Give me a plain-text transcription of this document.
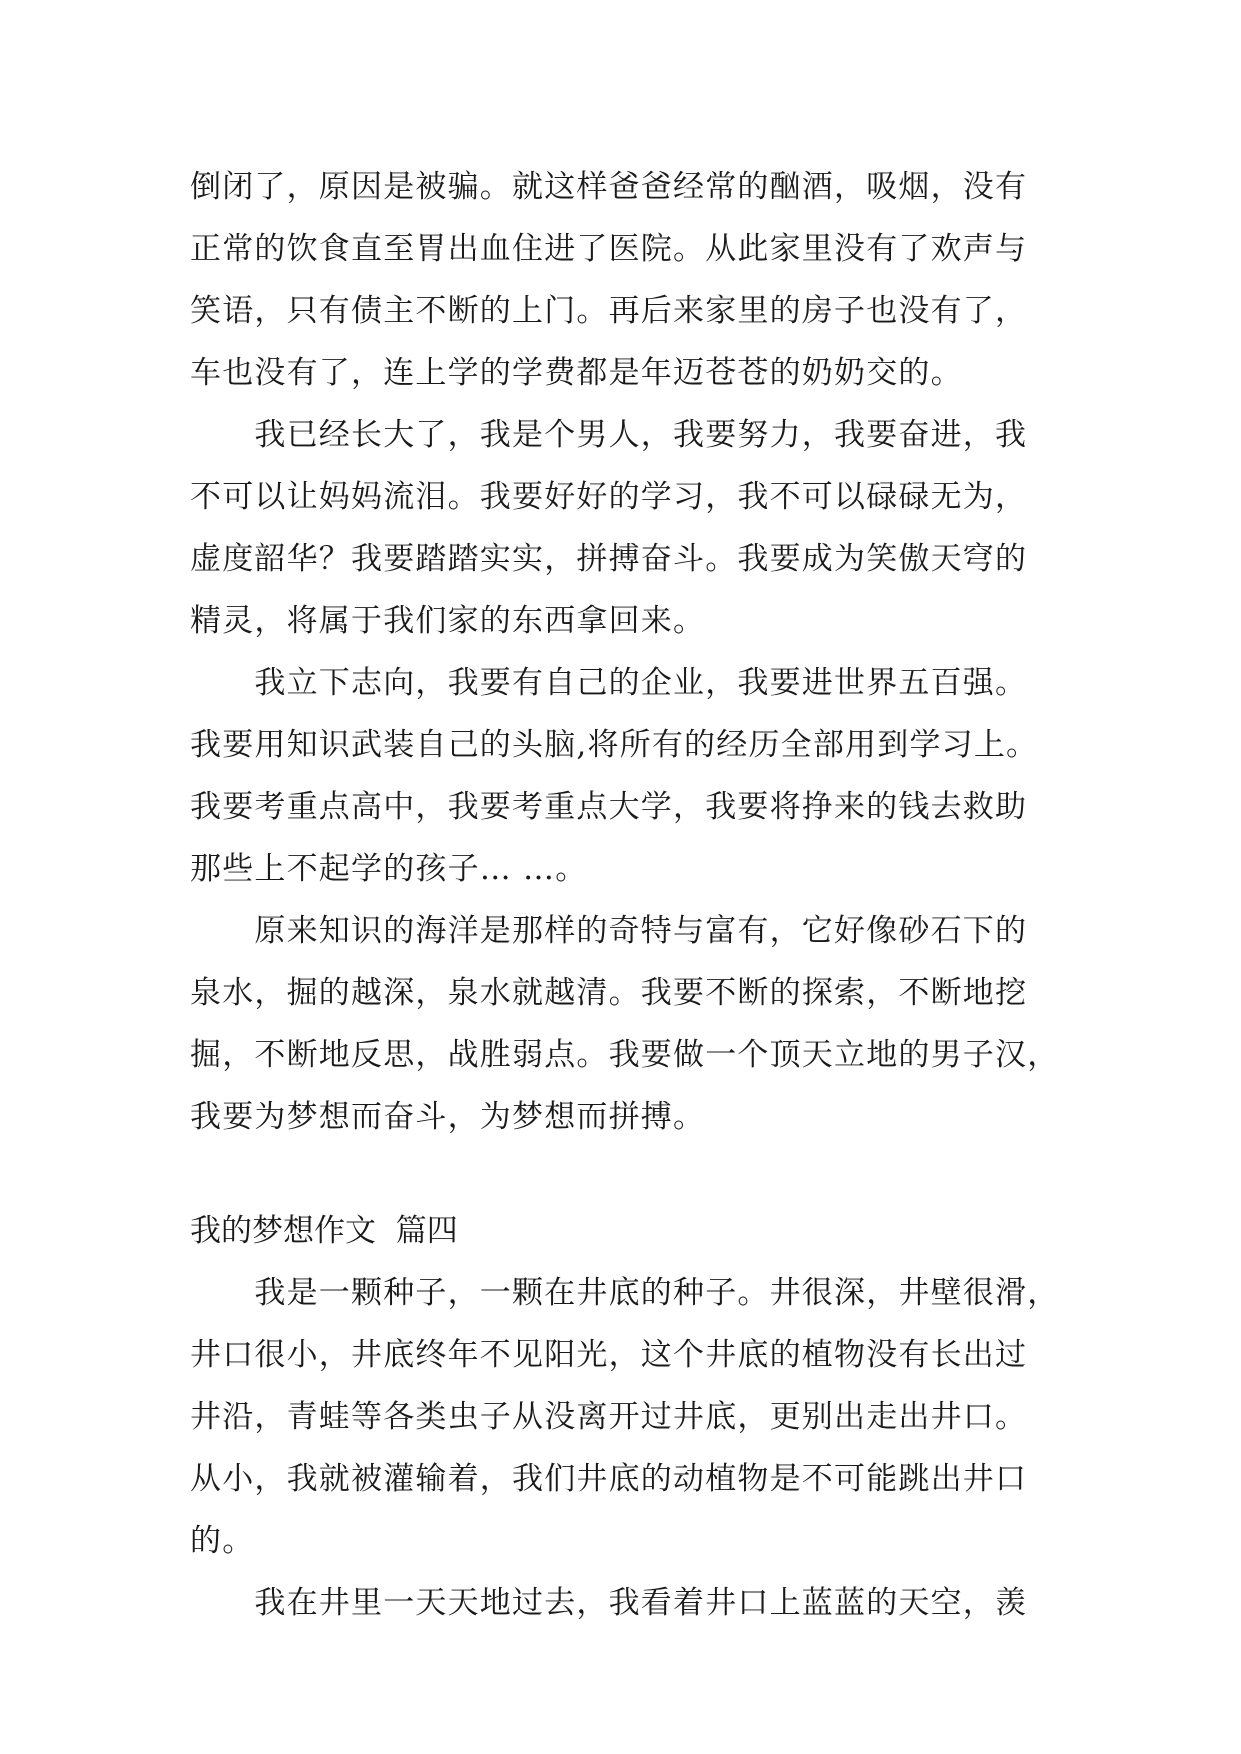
倒闭了，原因是被骗。就这样爸爸经常的酗酒，吸烟，没有
正常的饮食直至胃出血住进了医院。从此家里没有了欢声与
笑语，只有债主不断的上门。再后来家里的房子也没有了，
车也没有了，连上学的学费都是年迈苍苍的奶奶交的。
　　我已经长大了，我是个男人，我要努力，我要奋进，我
不可以让妈妈流泪。我要好好的学习，我不可以碌碌无为，
虚度韶华？我要踏踏实实，拼搏奋斗。我要成为笑傲天穹的
精灵，将属于我们家的东西拿回来。
　　我立下志向，我要有自己的企业，我要进世界五百强。
我要用知识武装自己的头脑,将所有的经历全部用到学习上。
我要考重点高中，我要考重点大学，我要将挣来的钱去救助
那些上不起学的孩子… …。
　　原来知识的海洋是那样的奇特与富有，它好像砂石下的
泉水，掘的越深，泉水就越清。我要不断的探索，不断地挖
掘，不断地反思，战胜弱点。我要做一个顶天立地的男子汉，
我要为梦想而奋斗，为梦想而拼搏。
我的梦想作文  篇四
　　我是一颗种子，一颗在井底的种子。井很深，井壁很滑，
井口很小，井底终年不见阳光，这个井底的植物没有长出过
井沿，青蛙等各类虫子从没离开过井底，更别出走出井口。
从小，我就被灌输着，我们井底的动植物是不可能跳出井口
的。
　　我在井里一天天地过去，我看着井口上蓝蓝的天空，羡
